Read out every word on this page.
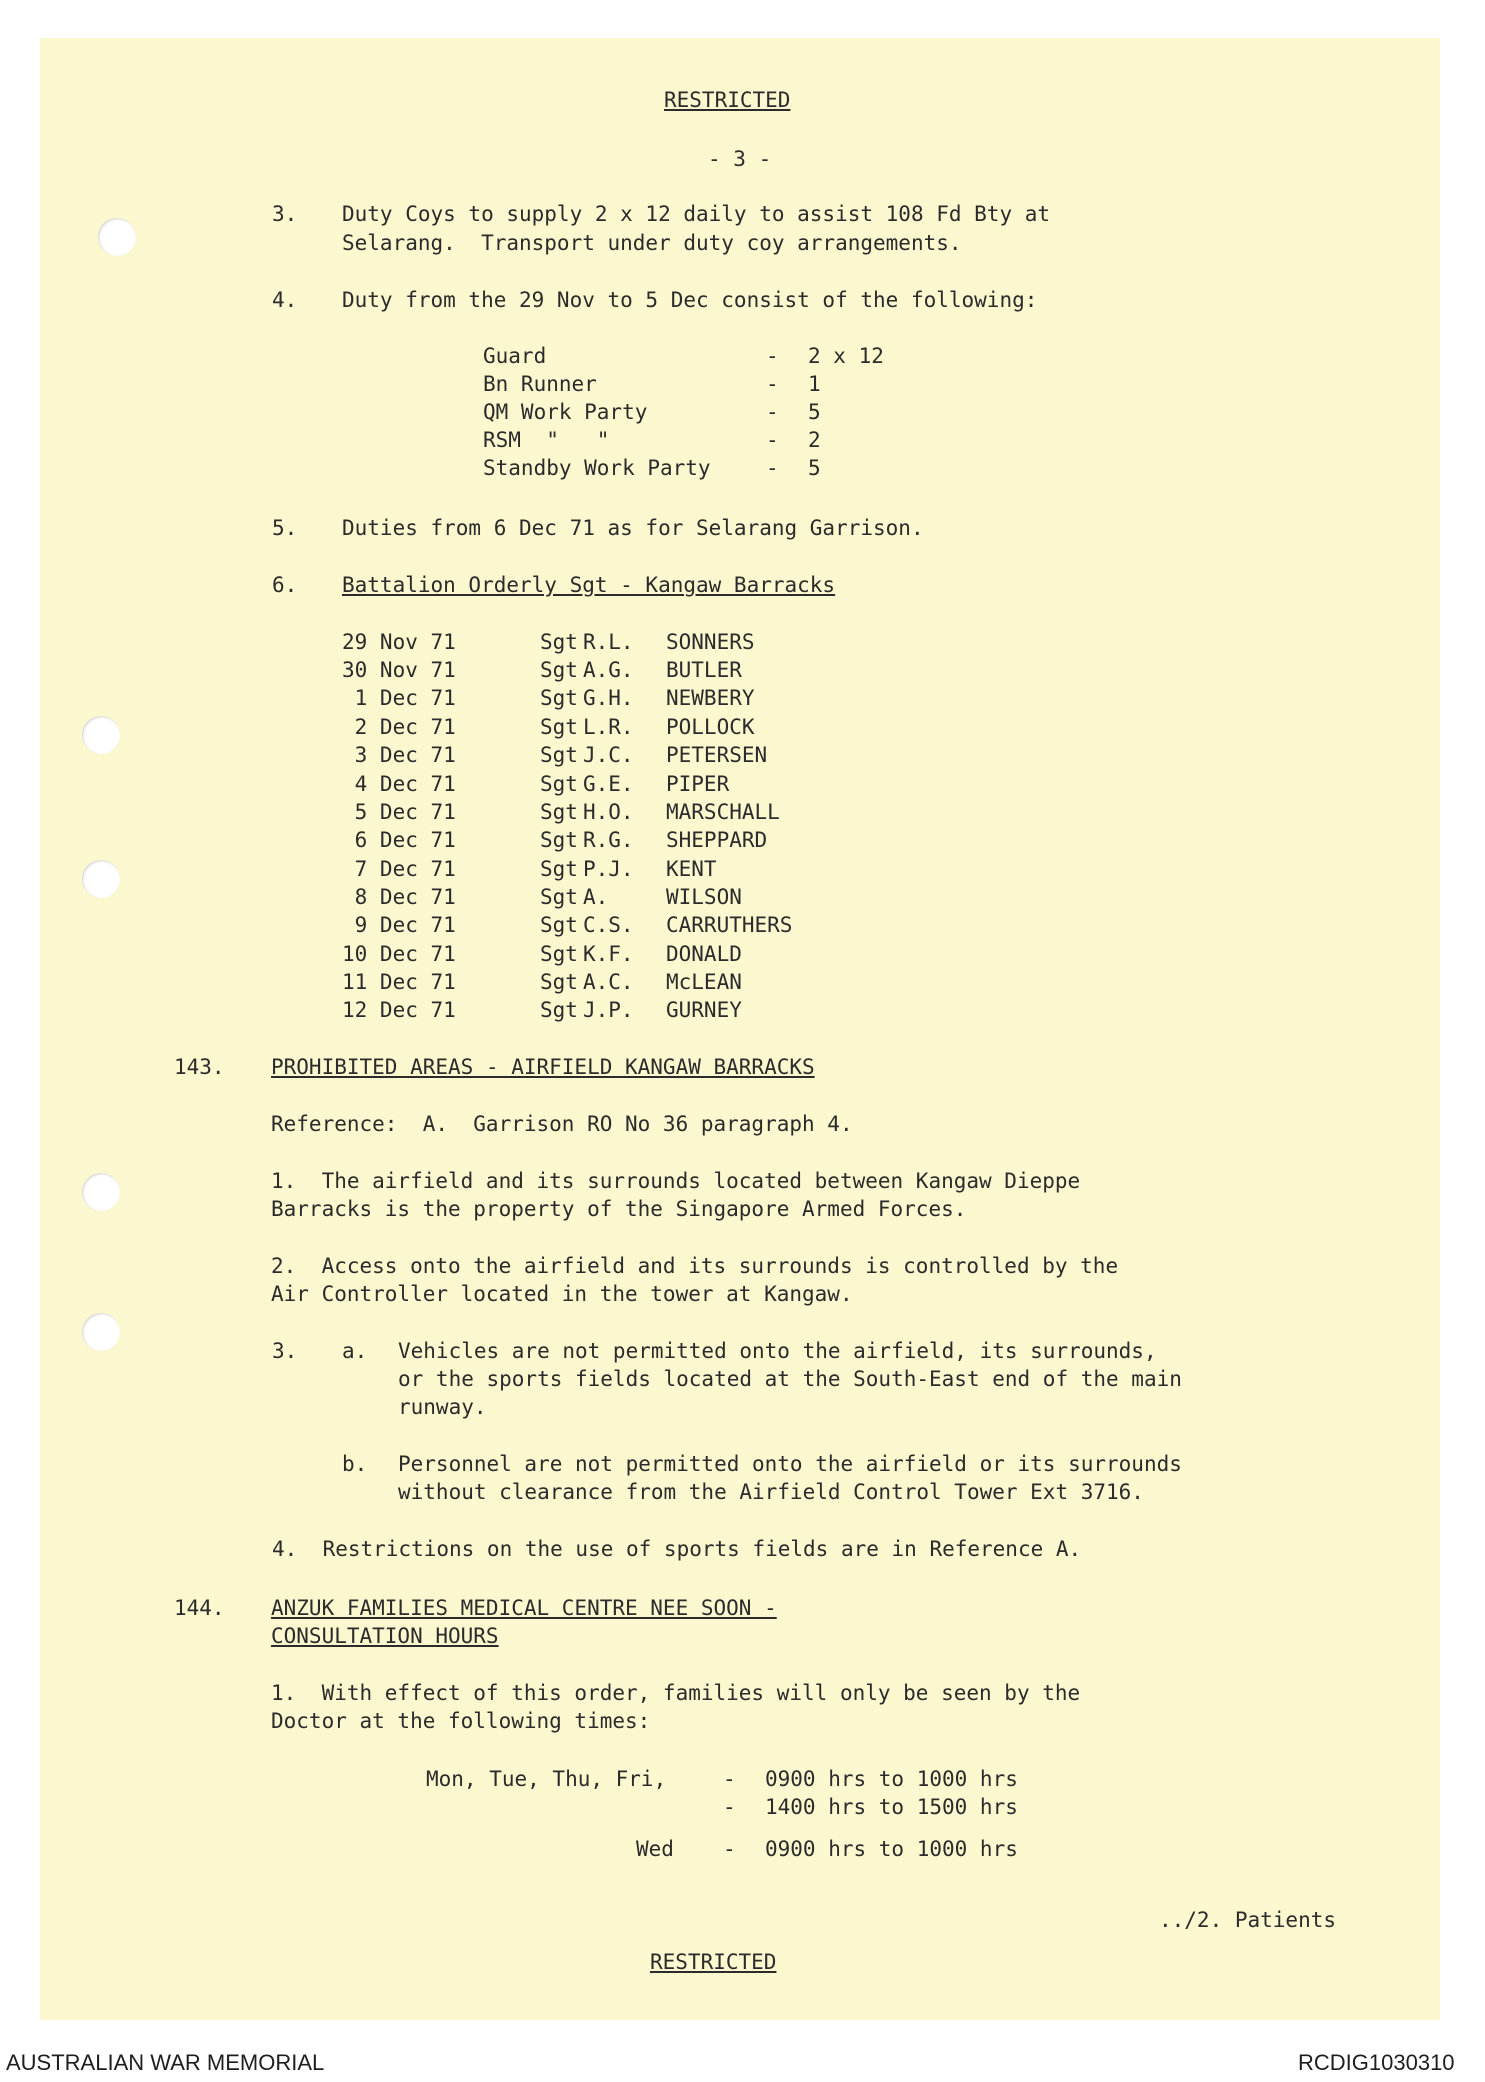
RESTRICTED
- 3 -
3. Duty Coys to supply 2 x 12 daily to assist 108 Fd Bty at
Selarang.  Transport under duty coy arrangements.
4. Duty from the 29 Nov to 5 Dec consist of the following:
Guard	- 2 x 12
Bn Runner	- 1
QM Work Party	- 5
RSM  "   "	- 2
Standby Work Party	- 5
5. Duties from 6 Dec 71 as for Selarang Garrison.
6. Battalion Orderly Sgt - Kangaw Barracks
29 Nov 71	Sgt R.L. SONNERS
30 Nov 71	Sgt A.G. BUTLER
1 Dec 71	Sgt G.H. NEWBERY
2 Dec 71	Sgt L.R. POLLOCK
3 Dec 71	Sgt J.C. PETERSEN
4 Dec 71	Sgt G.E. PIPER
5 Dec 71	Sgt H.O. MARSCHALL
6 Dec 71	Sgt R.G. SHEPPARD
7 Dec 71	Sgt P.J. KENT
8 Dec 71	Sgt A.	WILSON
9 Dec 71	Sgt C.S. CARRUTHERS
10 Dec 71	Sgt K.F. DONALD
11 Dec 71	Sgt A.C. McLEAN
12 Dec 71	Sgt J.P. GURNEY
143. PROHIBITED AREAS - AIRFIELD KANGAW BARRACKS
Reference:  A.  Garrison RO No 36 paragraph 4.
1.  The airfield and its surrounds located between Kangaw Dieppe
Barracks is the property of the Singapore Armed Forces.
2.  Access onto the airfield and its surrounds is controlled by the
Air Controller located in the tower at Kangaw.
3. a. Vehicles are not permitted onto the airfield, its surrounds,
or the sports fields located at the South-East end of the main
runway.
b. Personnel are not permitted onto the airfield or its surrounds
without clearance from the Airfield Control Tower Ext 3716.
4.  Restrictions on the use of sports fields are in Reference A.
144. ANZUK FAMILIES MEDICAL CENTRE NEE SOON -
CONSULTATION HOURS
1.  With effect of this order, families will only be seen by the
Doctor at the following times:
Mon, Tue, Thu, Fri,	- 0900 hrs to 1000 hrs
- 1400 hrs to 1500 hrs
Wed - 0900 hrs to 1000 hrs
../2. Patients
RESTRICTED
AUSTRALIAN WAR MEMORIAL	RCDIG1030310
